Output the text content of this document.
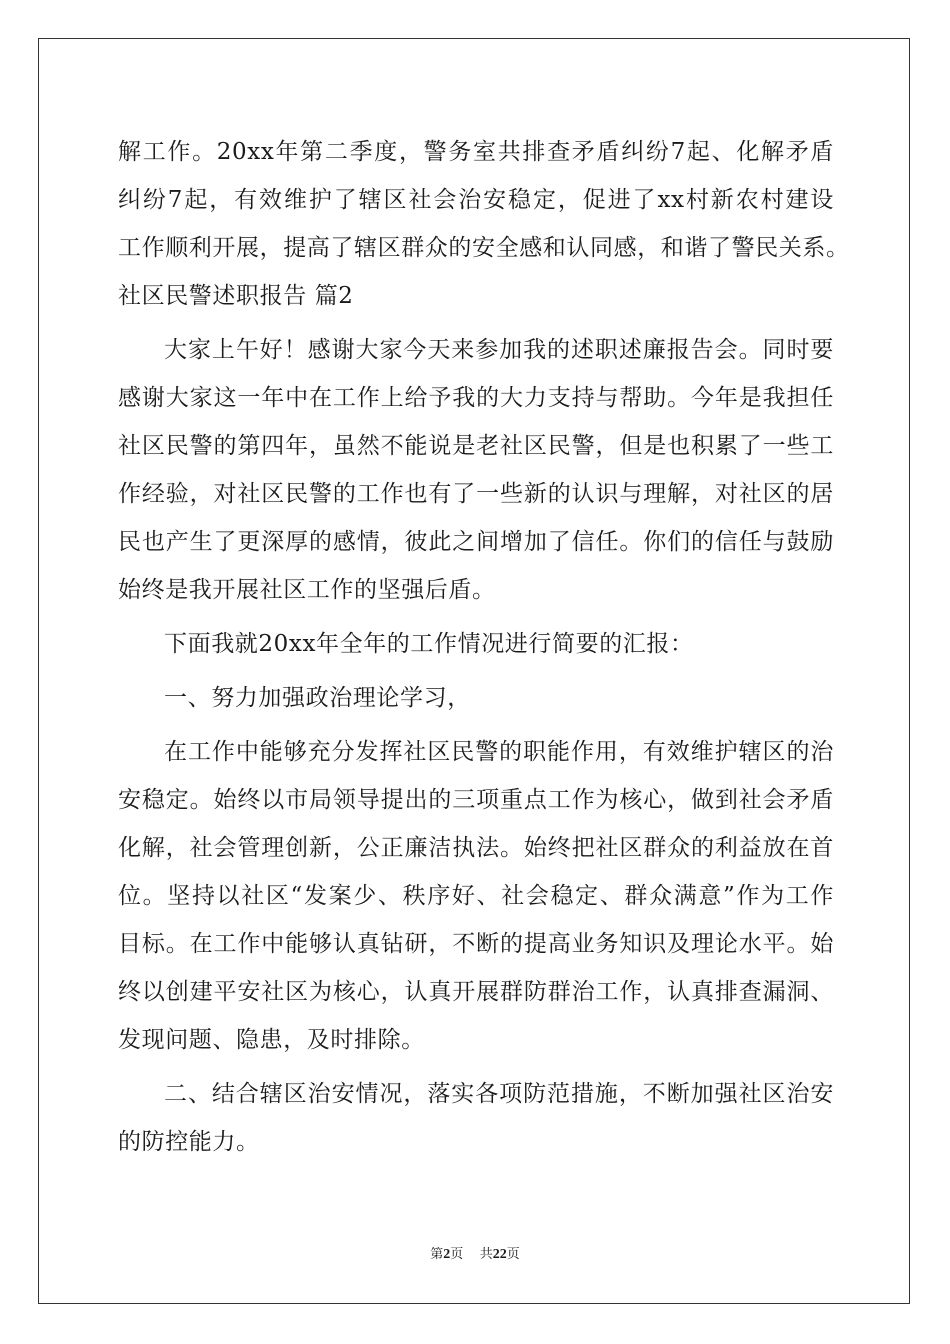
解工作。20xx年第二季度，警务室共排查矛盾纠纷7起、化解矛盾
纠纷7起，有效维护了辖区社会治安稳定，促进了xx村新农村建设
工作顺利开展，提高了辖区群众的安全感和认同感，和谐了警民关系。
社区民警述职报告 篇2
大家上午好！感谢大家今天来参加我的述职述廉报告会。同时要
感谢大家这一年中在工作上给予我的大力支持与帮助。今年是我担任
社区民警的第四年，虽然不能说是老社区民警，但是也积累了一些工
作经验，对社区民警的工作也有了一些新的认识与理解，对社区的居
民也产生了更深厚的感情，彼此之间增加了信任。你们的信任与鼓励
始终是我开展社区工作的坚强后盾。
下面我就20xx年全年的工作情况进行简要的汇报：
一、努力加强政治理论学习，
在工作中能够充分发挥社区民警的职能作用，有效维护辖区的治
安稳定。始终以市局领导提出的三项重点工作为核心，做到社会矛盾
化解，社会管理创新，公正廉洁执法。始终把社区群众的利益放在首
位。坚持以社区“发案少、秩序好、社会稳定、群众满意”作为工作
目标。在工作中能够认真钻研，不断的提高业务知识及理论水平。始
终以创建平安社区为核心，认真开展群防群治工作，认真排查漏洞、
发现问题、隐患，及时排除。
二、结合辖区治安情况，落实各项防范措施，不断加强社区治安
的防控能力。
第2页 共22页
